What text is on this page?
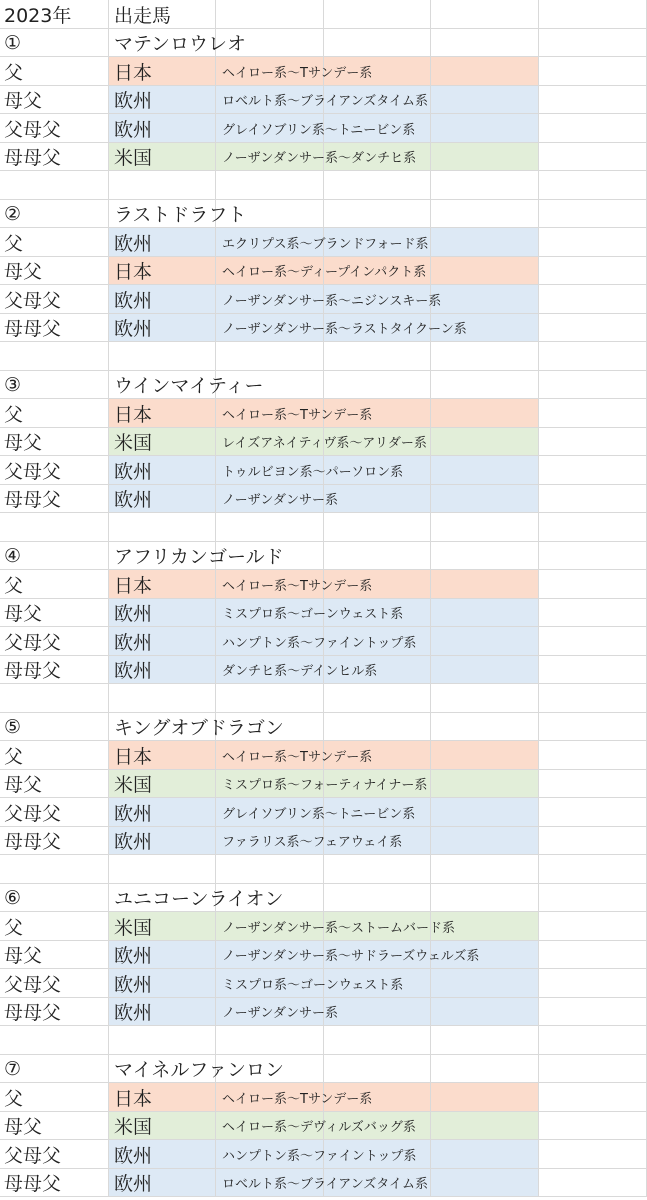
2023年 出走馬
①	マテンロウレオ
父	日本	ヘイロー系～Tサンデー系
母父	欧州	ロベルト系～ブライアンズタイム系
父母父	欧州	グレイソブリン系～トニービン系
母母父	米国	ノーザンダンサー系～ダンチヒ系
②	ラストドラフト
父	欧州	エクリプス系～ブランドフォード系
母父	日本	ヘイロー系～ディープインパクト系
父母父	欧州	ノーザンダンサー系～ニジンスキー系
母母父	欧州	ノーザンダンサー系～ラストタイクーン系
③	ウインマイティー
父	日本	ヘイロー系～Tサンデー系
母父	米国	レイズアネイティヴ系～アリダー系
父母父	欧州	トゥルビヨン系～パーソロン系
母母父	欧州	ノーザンダンサー系
④	アフリカンゴールド
父	日本	ヘイロー系～Tサンデー系
母父	欧州	ミスプロ系～ゴーンウェスト系
父母父	欧州	ハンプトン系～ファイントップ系
母母父	欧州	ダンチヒ系～デインヒル系
⑤	キングオブドラゴン
父	日本	ヘイロー系～Tサンデー系
母父	米国	ミスプロ系～フォーティナイナー系
父母父	欧州	グレイソブリン系～トニービン系
母母父	欧州	ファラリス系～フェアウェイ系
⑥	ユニコーンライオン
父	米国	ノーザンダンサー系～ストームバード系
母父	欧州	ノーザンダンサー系～サドラーズウェルズ系
父母父	欧州	ミスプロ系～ゴーンウェスト系
母母父	欧州	ノーザンダンサー系
⑦	マイネルファンロン
父	日本	ヘイロー系～Tサンデー系
母父	米国	ヘイロー系～デヴィルズバッグ系
父母父	欧州	ハンプトン系～ファイントップ系
母母父	欧州	ロベルト系～ブライアンズタイム系
